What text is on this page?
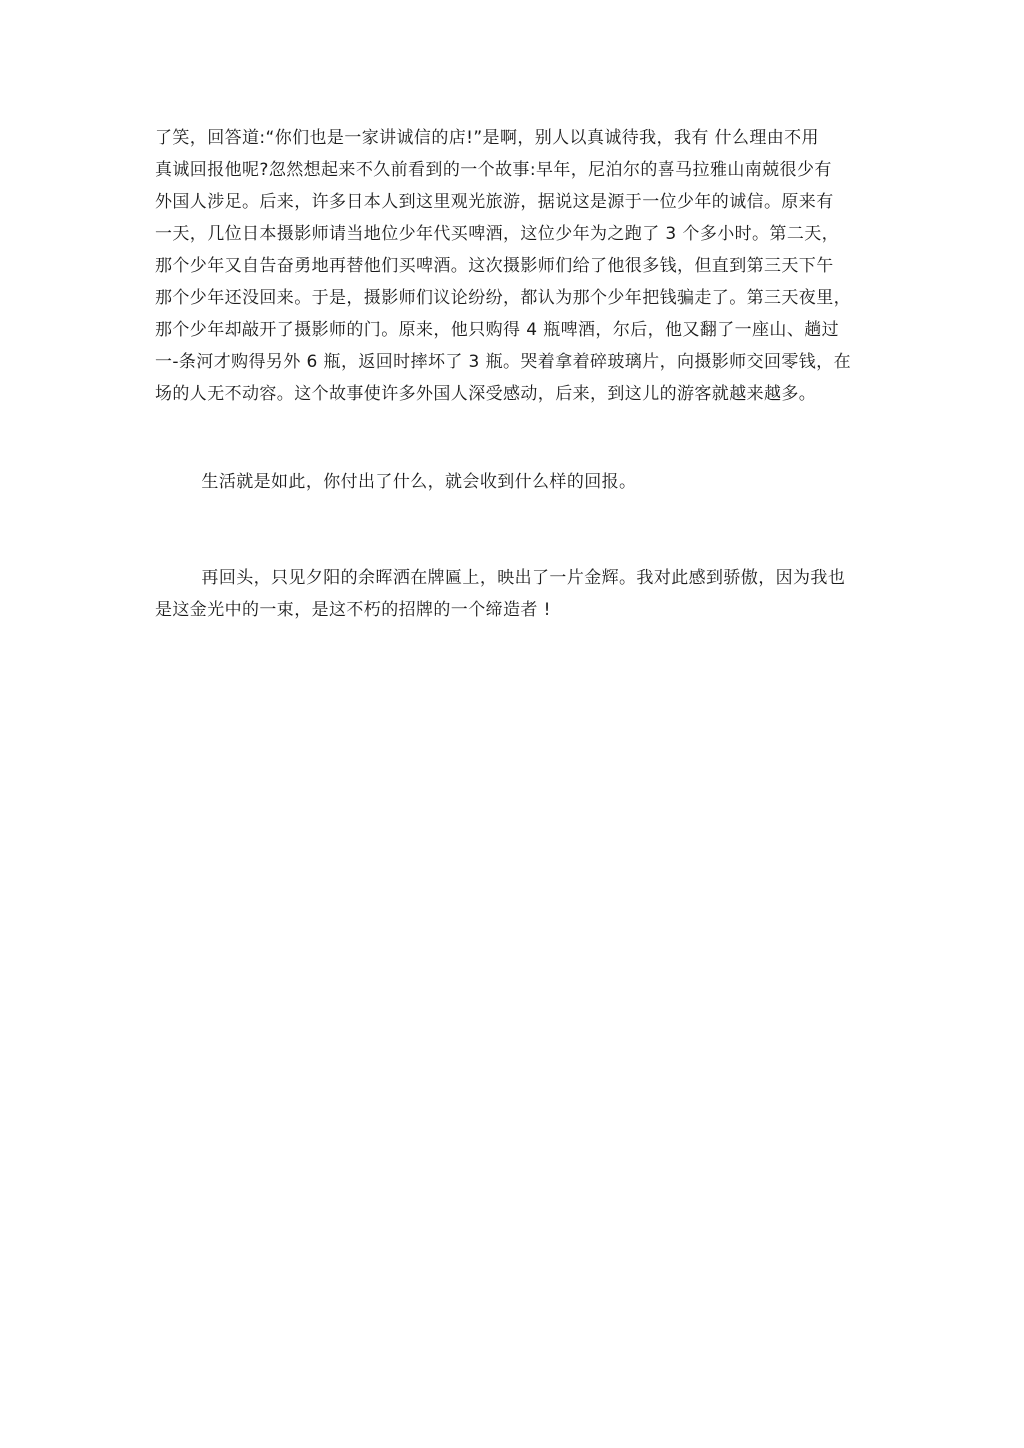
了笑，回答道:“你们也是一家讲诚信的店!”是啊，别人以真诚待我，我有 什么理由不用
真诚回报他呢?忽然想起来不久前看到的一个故事:早年，尼泊尔的喜马拉雅山南兢很少有
外国人涉足。后来，许多日本人到这里观光旅游，据说这是源于一位少年的诚信。原来有
一天，几位日本摄影师请当地位少年代买啤酒，这位少年为之跑了 3 个多小时。第二天，
那个少年又自告奋勇地再替他们买啤酒。这次摄影师们给了他很多钱，但直到第三天下午
那个少年还没回来。于是，摄影师们议论纷纷，都认为那个少年把钱骗走了。第三天夜里，
那个少年却敲开了摄影师的门。原来，他只购得 4 瓶啤酒，尔后，他又翻了一座山、趟过
一-条河才购得另外 6 瓶，返回时摔坏了 3 瓶。哭着拿着碎玻璃片，向摄影师交回零钱，在
场的人无不动容。这个故事使许多外国人深受感动，后来，到这儿的游客就越来越多。
生活就是如此，你付出了什么，就会收到什么样的回报。
再回头，只见夕阳的余晖洒在牌匾上，映出了一片金辉。我对此感到骄傲，因为我也
是这金光中的一束，是这不朽的招牌的一个缔造者 !
